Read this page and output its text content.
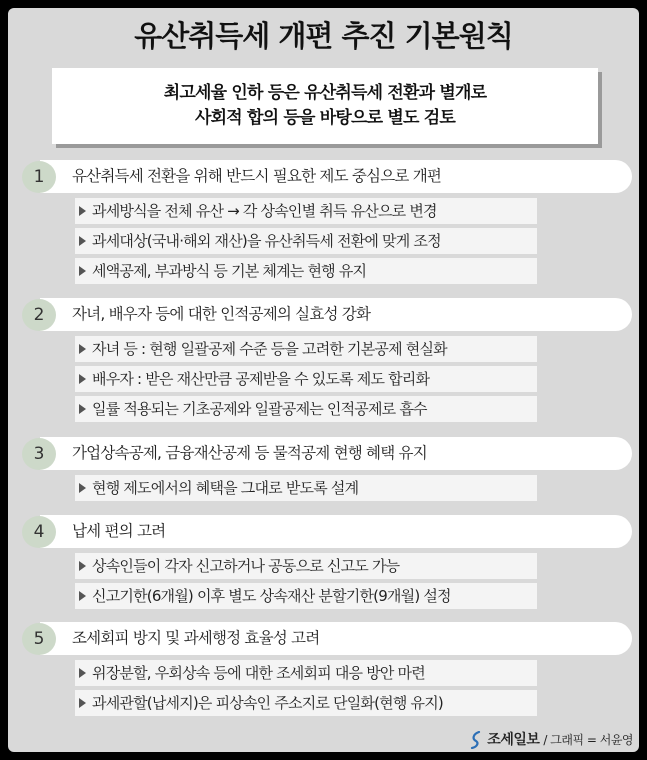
유산취득세 개편 추진 기본원칙
최고세율 인하 등은 유산취득세 전환과 별개로
사회적 합의 등을 바탕으로 별도 검토
1	유산취득세 전환을 위해 반드시 필요한 제도 중심으로 개편
과세방식을 전체 유산 → 각 상속인별 취득 유산으로 변경
과세대상(국내·해외 재산)을 유산취득세 전환에 맞게 조정
세액공제, 부과방식 등 기본 체계는 현행 유지
2	자녀, 배우자 등에 대한 인적공제의 실효성 강화
자녀 등 : 현행 일괄공제 수준 등을 고려한 기본공제 현실화
배우자 : 받은 재산만큼 공제받을 수 있도록 제도 합리화
일률 적용되는 기초공제와 일괄공제는 인적공제로 흡수
3	가업상속공제, 금융재산공제 등 물적공제 현행 혜택 유지
현행 제도에서의 혜택을 그대로 받도록 설계
4	납세 편의 고려
상속인들이 각자 신고하거나 공동으로 신고도 가능
신고기한(6개월) 이후 별도 상속재산 분할기한(9개월) 설정
5	조세회피 방지 및 과세행정 효율성 고려
위장분할, 우회상속 등에 대한 조세회피 대응 방안 마련
과세관할(납세지)은 피상속인 주소지로 단일화(현행 유지)
조세일보 / 그래픽 = 서윤영
